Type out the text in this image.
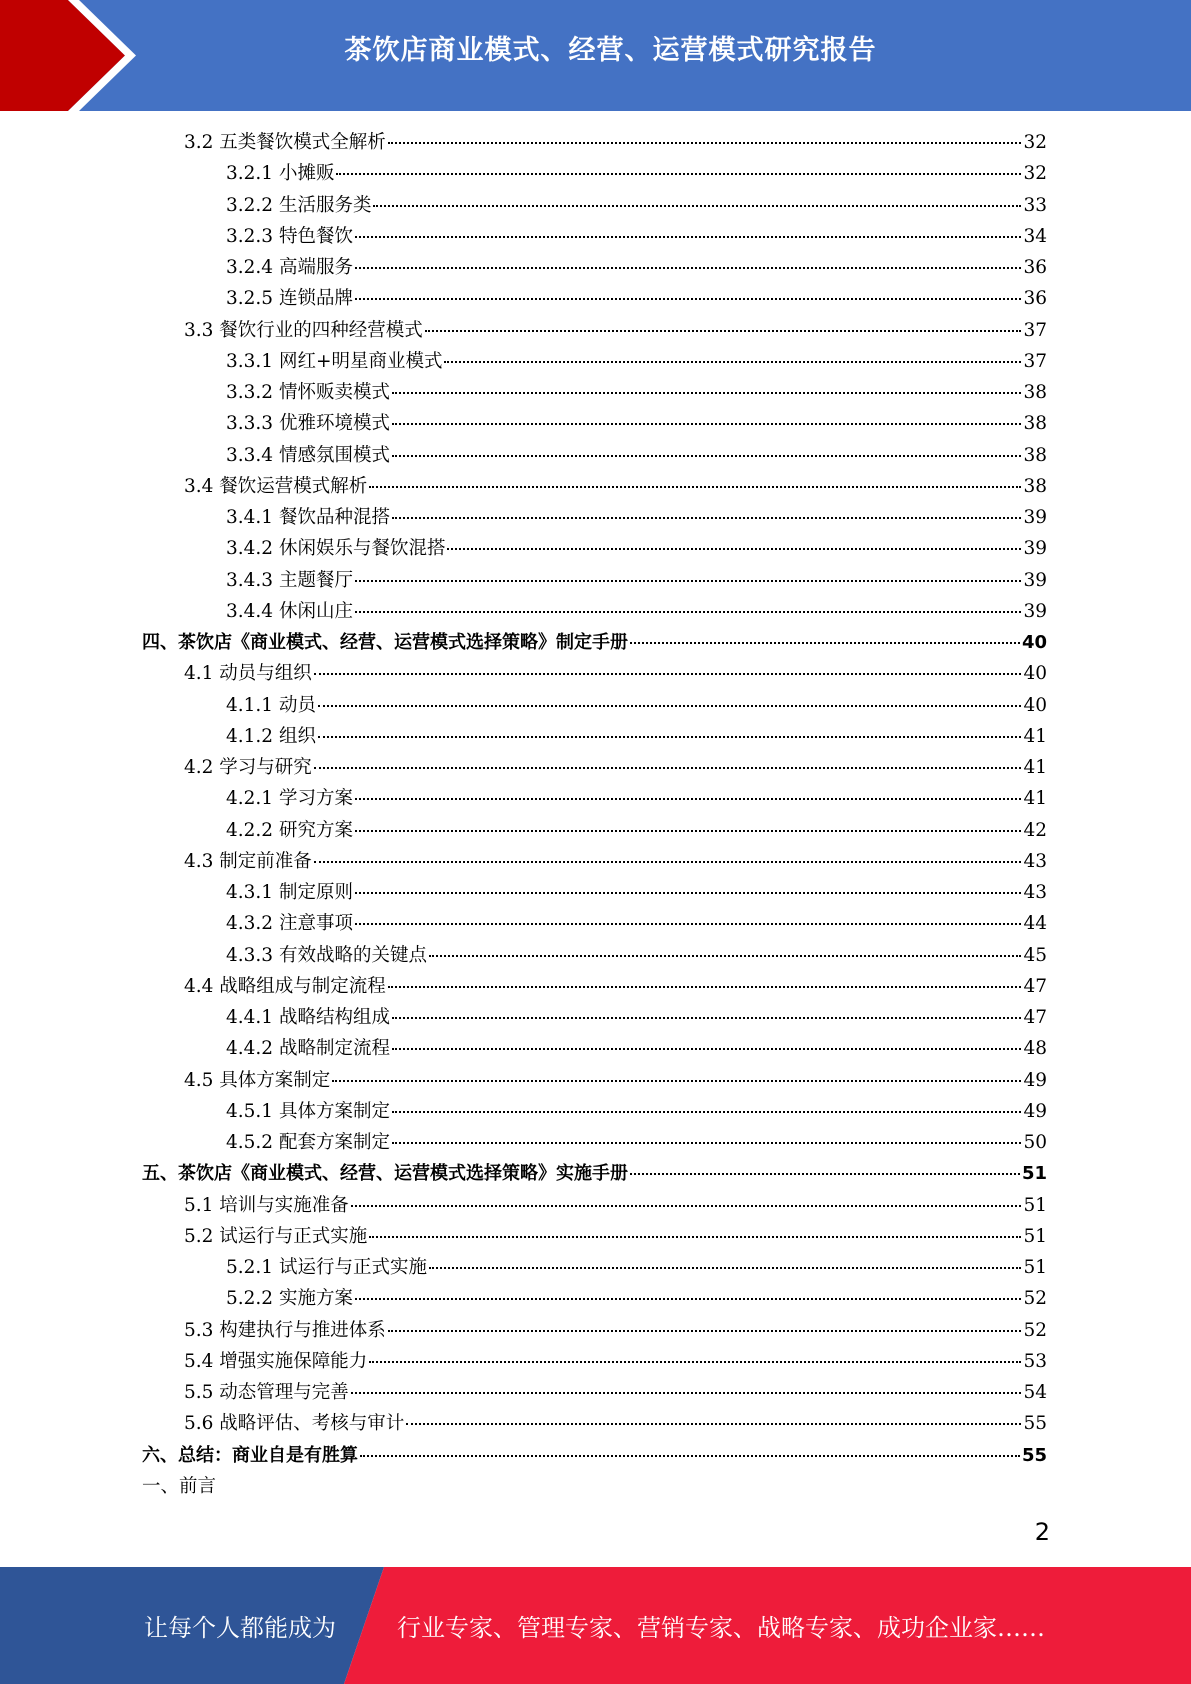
茶饮店商业模式、经营、运营模式研究报告
3.2 五类餐饮模式全解析	32
3.2.1 小摊贩	32
3.2.2 生活服务类	33
3.2.3 特色餐饮	34
3.2.4 高端服务	36
3.2.5 连锁品牌	36
3.3 餐饮行业的四种经营模式	37
3.3.1 网红+明星商业模式	37
3.3.2 情怀贩卖模式	38
3.3.3 优雅环境模式	38
3.3.4 情感氛围模式	38
3.4 餐饮运营模式解析	38
3.4.1 餐饮品种混搭	39
3.4.2 休闲娱乐与餐饮混搭	39
3.4.3 主题餐厅	39
3.4.4 休闲山庄	39
四、茶饮店《商业模式、经营、运营模式选择策略》制定手册	40
4.1 动员与组织	40
4.1.1 动员	40
4.1.2 组织	41
4.2 学习与研究	41
4.2.1 学习方案	41
4.2.2 研究方案	42
4.3 制定前准备	43
4.3.1 制定原则	43
4.3.2 注意事项	44
4.3.3 有效战略的关键点	45
4.4 战略组成与制定流程	47
4.4.1 战略结构组成	47
4.4.2 战略制定流程	48
4.5 具体方案制定	49
4.5.1 具体方案制定	49
4.5.2 配套方案制定	50
五、茶饮店《商业模式、经营、运营模式选择策略》实施手册	51
5.1 培训与实施准备	51
5.2 试运行与正式实施	51
5.2.1 试运行与正式实施	51
5.2.2 实施方案	52
5.3 构建执行与推进体系	52
5.4 增强实施保障能力	53
5.5 动态管理与完善	54
5.6 战略评估、考核与审计	55
六、总结：商业自是有胜算	55
一、前言
2
让每个人都能成为	行业专家、管理专家、营销专家、战略专家、成功企业家……
